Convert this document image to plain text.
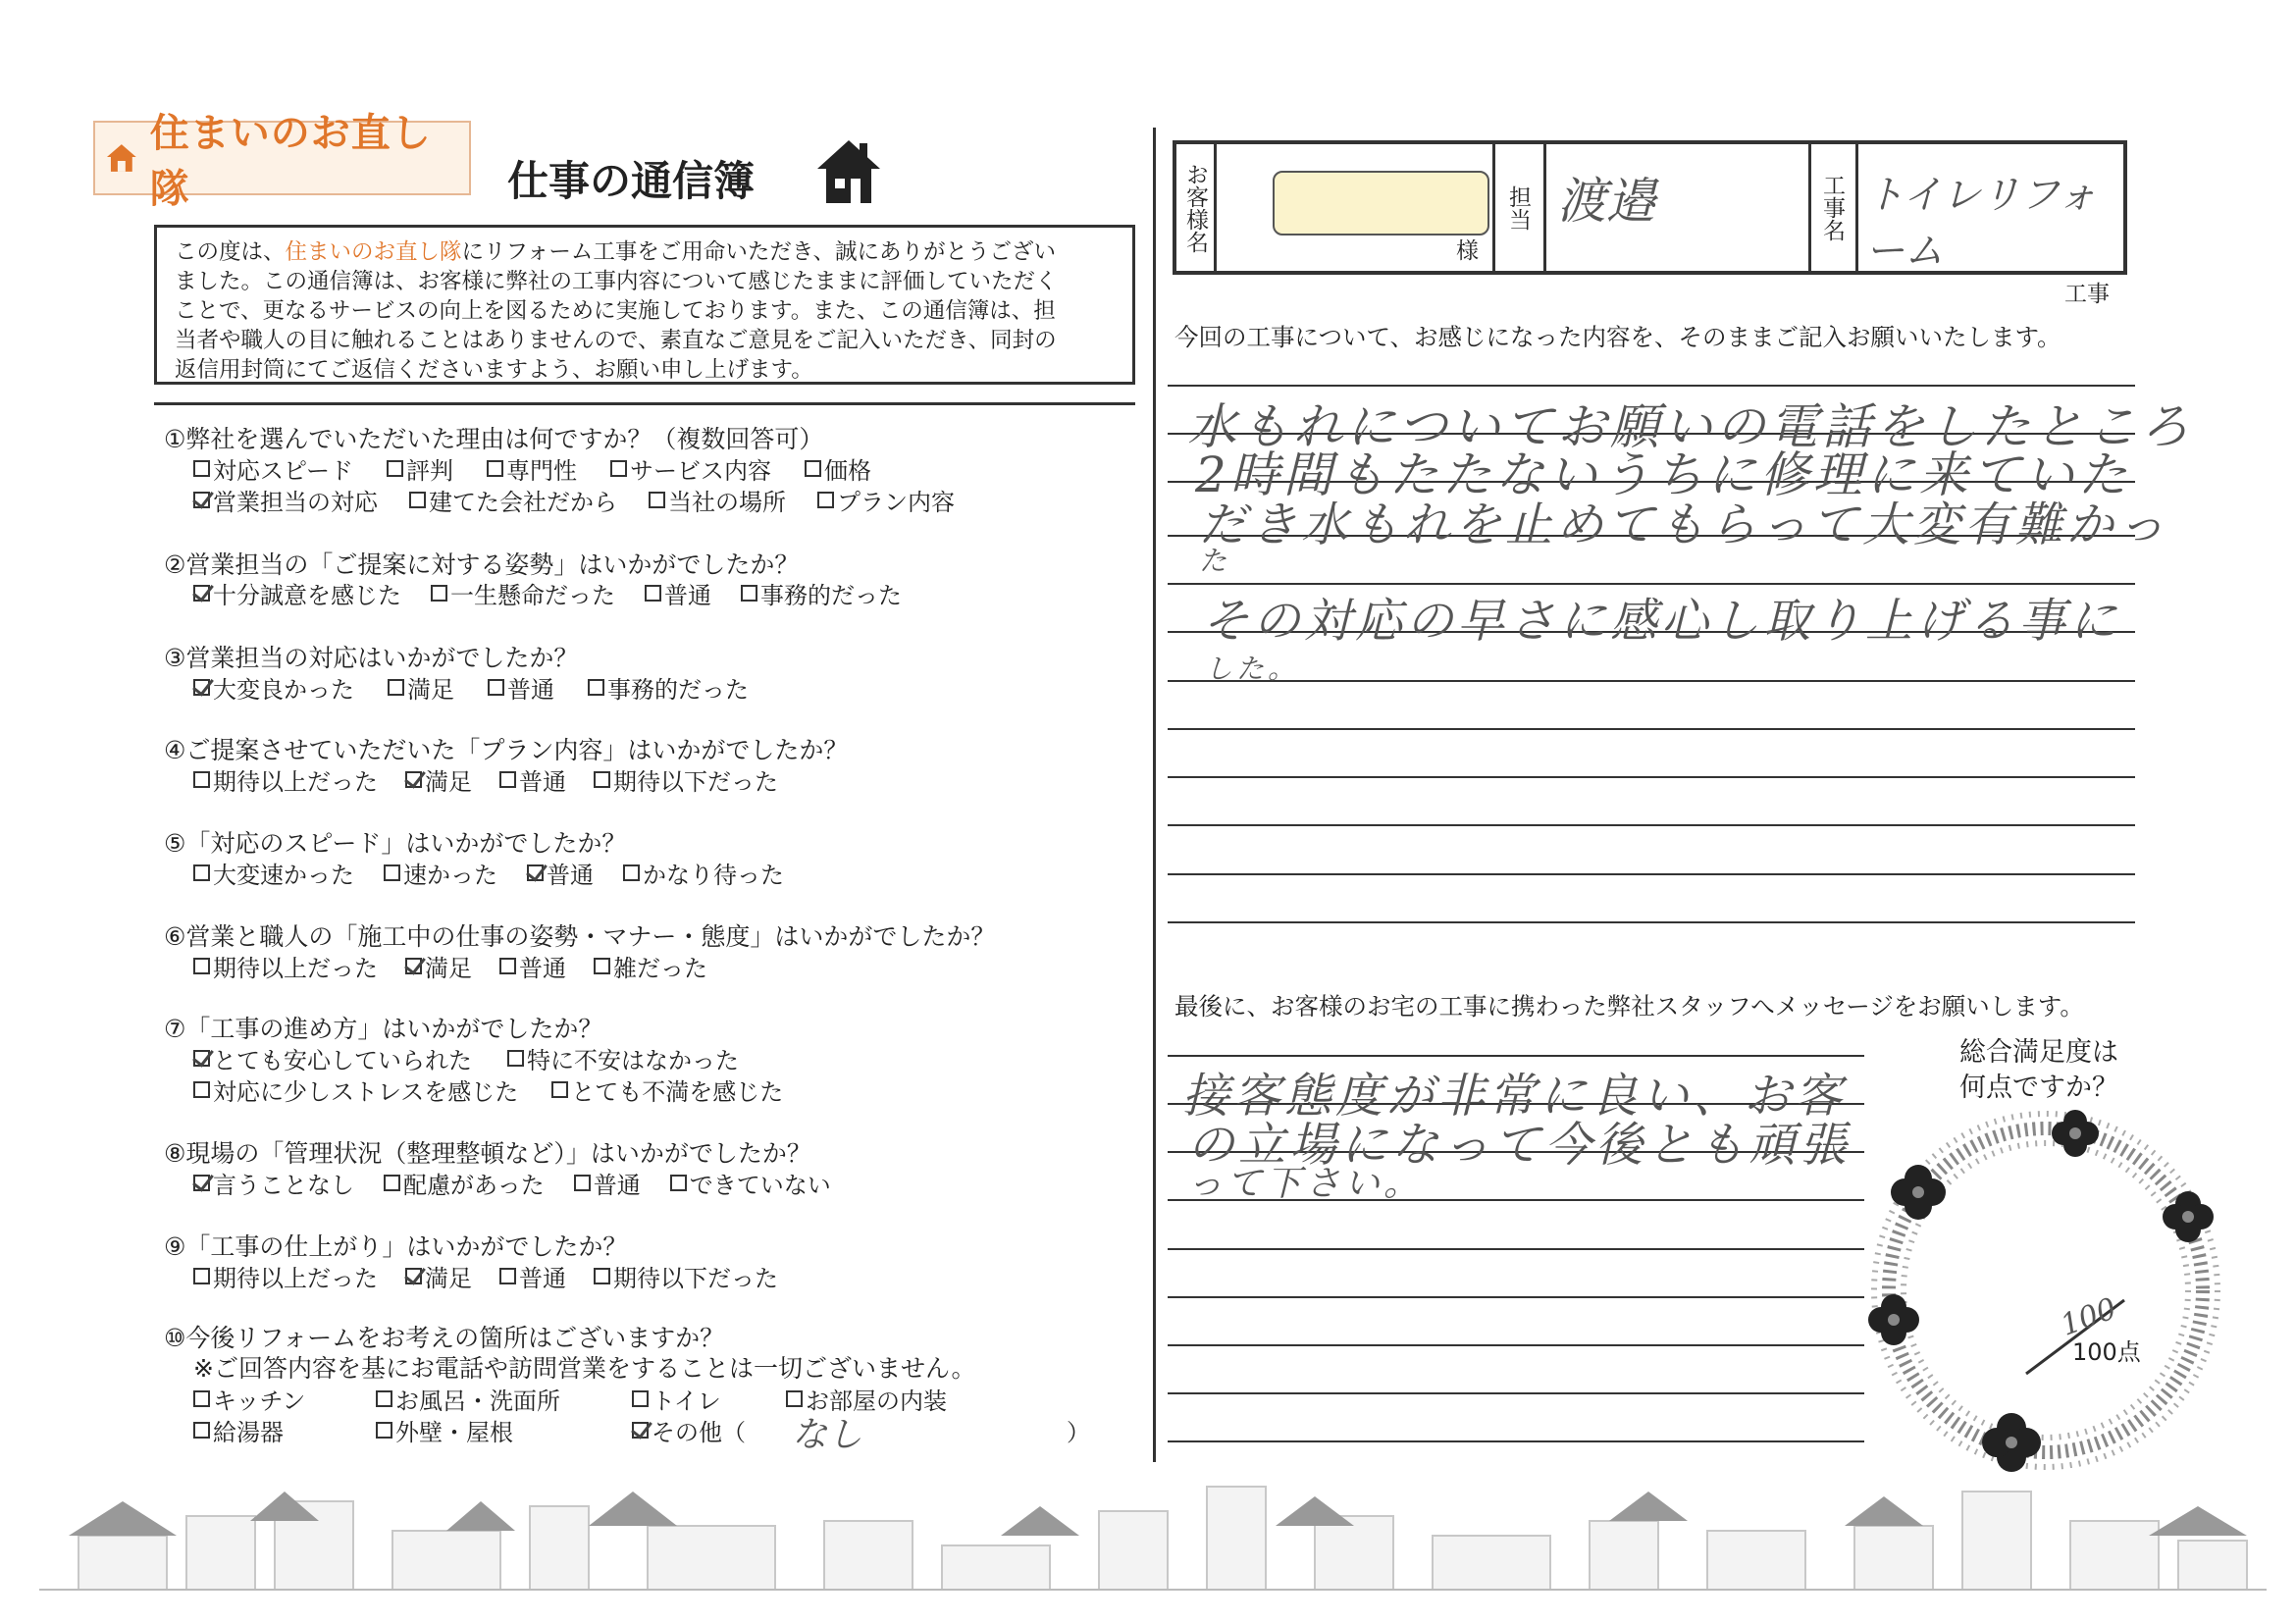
住まいのお直し隊	仕事の通信簿
この度は、住まいのお直し隊にリフォーム工事をご用命いただき、誠にありがとうござい
ました。この通信簿は、お客様に弊社の工事内容について感じたままに評価していただく
ことで、更なるサービスの向上を図るために実施しております。また、この通信簿は、担
当者や職人の目に触れることはありませんので、素直なご意見をご記入いただき、同封の
返信用封筒にてご返信くださいますよう、お願い申し上げます。
①弊社を選んでいただいた理由は何ですか？（複数回答可）
対応スピード 評判 専門性 サービス内容 価格
営業担当の対応 建てた会社だから 当社の場所 プラン内容
②営業担当の「ご提案に対する姿勢」はいかがでしたか？
十分誠意を感じた 一生懸命だった 普通 事務的だった
③営業担当の対応はいかがでしたか？
大変良かった 満足 普通 事務的だった
④ご提案させていただいた「プラン内容」はいかがでしたか？
期待以上だった 満足 普通 期待以下だった
⑤「対応のスピード」はいかがでしたか？
大変速かった 速かった 普通 かなり待った
⑥営業と職人の「施工中の仕事の姿勢・マナー・態度」はいかがでしたか？
期待以上だった 満足 普通 雑だった
⑦「工事の進め方」はいかがでしたか？
とても安心していられた 特に不安はなかった
対応に少しストレスを感じた とても不満を感じた
⑧現場の「管理状況（整理整頓など）」はいかがでしたか？
言うことなし 配慮があった 普通 できていない
⑨「工事の仕上がり」はいかがでしたか？
期待以上だった 満足 普通 期待以下だった
⑩今後リフォームをお考えの箇所はございますか？
※ご回答内容を基にお電話や訪問営業をすることは一切ございません。
キッチン	お風呂・洗面所	トイレ	お部屋の内装
給湯器	外壁・屋根	その他（ なし	）
お客様名	様
担当 渡邉	工事名 トイレリフォーム
工事
今回の工事について、お感じになった内容を、そのままご記入お願いいたします。
水もれについてお願いの電話をしたところ
2時間もたたないうちに修理に来ていた
だき水もれを止めてもらって大変有難かっ
た
その対応の早さに感心し取り上げる事に
した。
最後に、お客様のお宅の工事に携わった弊社スタッフへメッセージをお願いします。
接客態度が非常に良い、お客
の立場になって今後とも頑張
って下さい。
総合満足度は
何点ですか？
100
100点
